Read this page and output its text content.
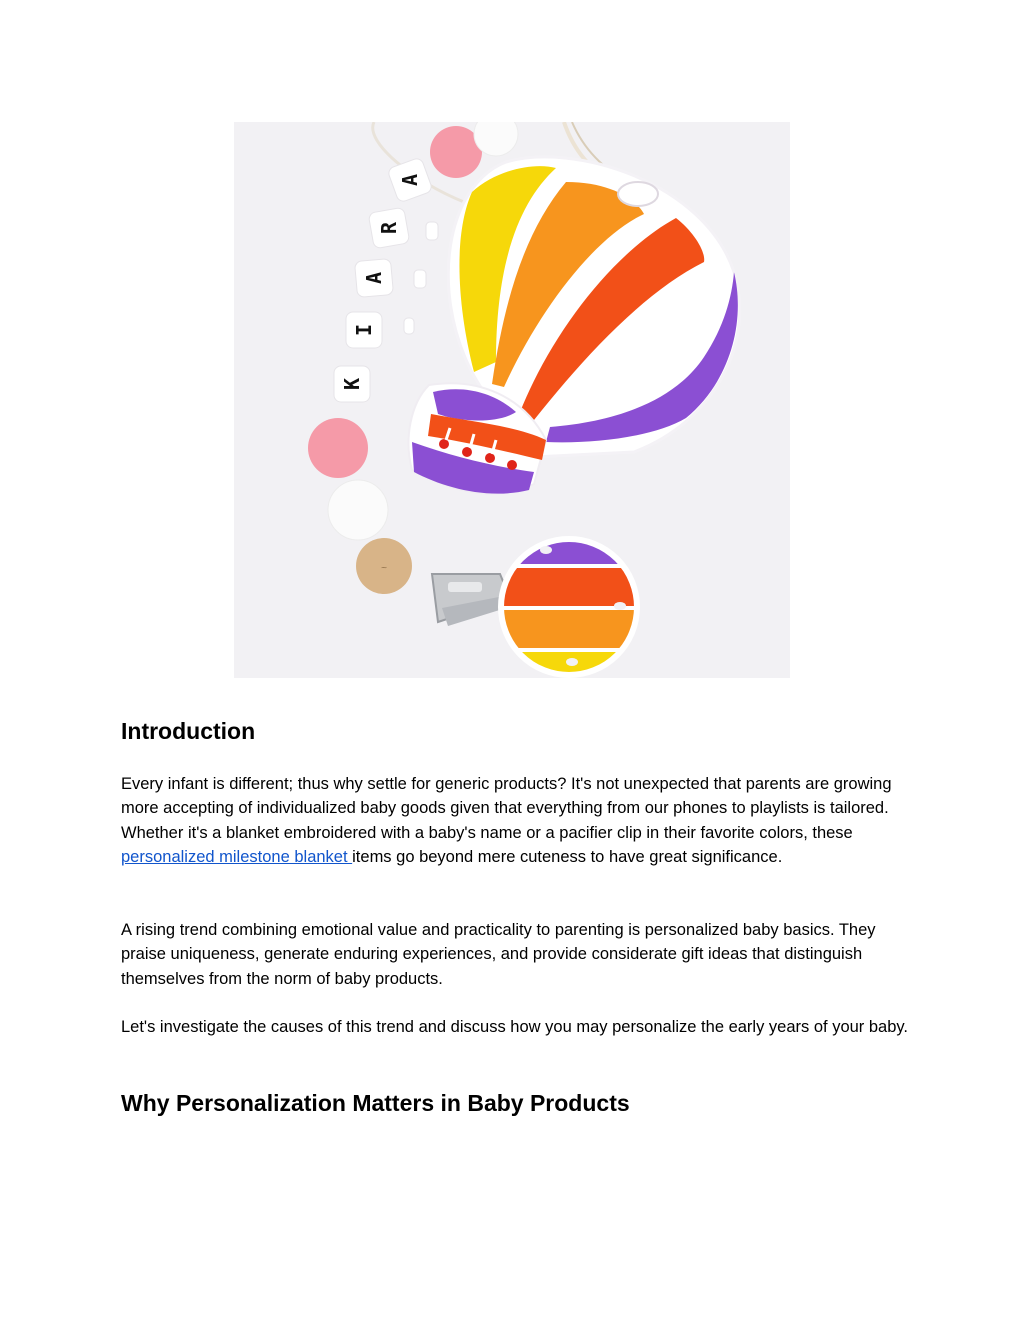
A
R
A
I
K
~
Introduction

Every infant is different; thus why settle for generic products? It's not unexpected that parents are growing more accepting of individualized baby goods given that everything from our phones to playlists is tailored. Whether it's a blanket embroidered with a baby's name or a pacifier clip in their favorite colors, these personalized milestone blanket items go beyond mere cuteness to have great significance.

A rising trend combining emotional value and practicality to parenting is personalized baby basics. They praise uniqueness, generate enduring experiences, and provide considerate gift ideas that distinguish themselves from the norm of baby products.

Let's investigate the causes of this trend and discuss how you may personalize the early years of your baby.

Why Personalization Matters in Baby Products
